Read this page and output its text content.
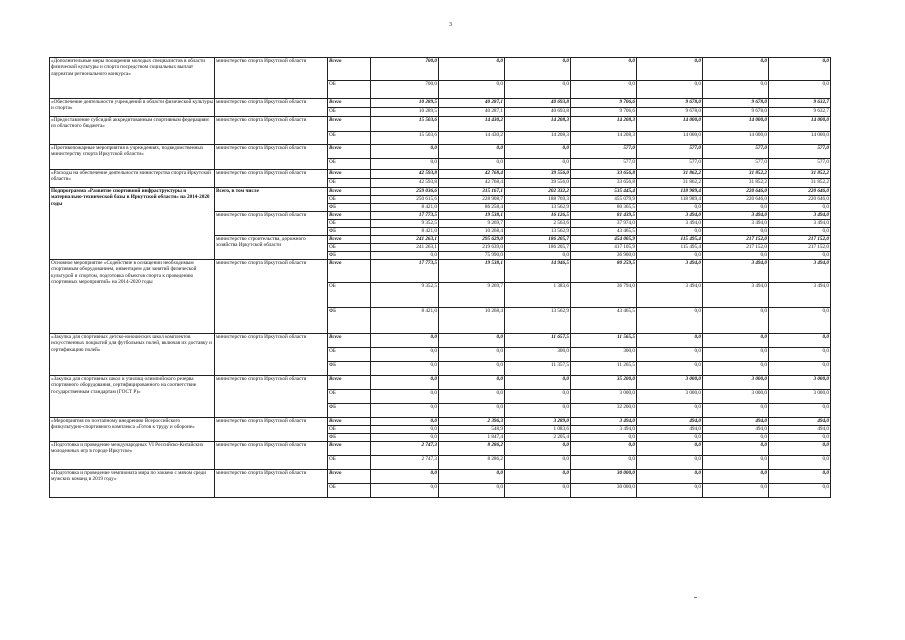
3
«Дополнительные меры поощрения молодых специалистов в области физической культуры и спорта посредством социальных выплат лауреатам регионального конкурса»	министерство спорта Иркутской области	Всего	700,0	0,0	0,0	0,0	0,0	0,0	0,0
		ОБ	700,0	0,0	0,0	0,0	0,0	0,0	0,0
«Обеспечение деятельности учреждений в области физической культуры и спорта»	министерство спорта Иркутской области	Всего	10 289,5	40 287,1	40 693,8	9 706,6	9 678,0	9 678,0	9 632,7
		ОБ	10 289,5	40 287,1	40 693,8	9 706,6	9 678,0	9 678,0	9 632,7
«Предоставление субсидий аккредитованным спортивным федерациям из областного бюджета»	министерство спорта Иркутской области	Всего	15 503,6	14 430,2	14 208,3	14 208,3	14 000,0	14 000,0	14 000,0
		ОБ	15 503,6	14 430,2	14 208,3	14 208,3	14 000,0	14 000,0	14 000,0
«Противопожарные мероприятия в учреждениях, подведомственных министерству спорта Иркутской области»	министерство спорта Иркутской области	Всего	0,0	0,0	0,0	577,0	577,0	577,0	577,0
		ОБ	0,0	0,0	0,0	577,0	577,0	577,0	577,0
«Расходы на обеспечение деятельности министерства спорта Иркутской области»	министерство спорта Иркутской области	Всего	42 593,8	42 768,4	39 556,0	33 656,8	31 862,2	31 852,2	31 852,2
		ОБ	42 593,8	42 768,4	39 556,0	33 656,8	31 862,2	31 852,2	31 852,2
Подпрограмма «Развитие спортивной инфраструктуры и материально-технической базы в Иркутской области» на 2014-2020 годы	Всего, в том числе	Всего	259 036,6	315 167,1	202 332,2	535 445,4	118 989,4	220 646,0	220 646,0
		ОБ	250 615,6	228 908,7	188 769,3	455 079,9	118 989,4	220 646,0	220 646,0
		ФБ	8 421,0	86 258,4	13 562,9	80 365,5	0,0	0,0	0,0
	министерство спорта Иркутской области	Всего	17 773,5	19 538,1	16 126,5	81 439,5	3 494,0	3 494,0	3 494,0
		ОБ	9 352,5	9 269,7	2 563,6	37 974,0	3 494,0	3 494,0	3 494,0
		ФБ	8 421,0	10 268,4	13 562,9	43 465,5	0,0	0,0	0,0
	министерство строительства, дорожного хозяйства Иркутской области	Всего	241 263,1	295 629,0	186 205,7	454 005,9	115 495,4	217 152,0	217 152,0
		ОБ	241 263,1	219 639,0	186 205,7	417 105,9	115 495,4	217 152,0	217 152,0
		ФБ	0,0	75 990,0	0,0	36 900,0	0,0	0,0	0,0
Основное мероприятие «Содействие в оснащении необходимым спортивным оборудованием, инвентарем для занятий физической культурой и спортом, подготовка объектов спорта к проведению спортивных мероприятий» на 2014-2020 годы	министерство спорта Иркутской области	Всего	17 773,5	19 538,1	14 946,5	80 259,5	3 494,0	3 494,0	3 494,0
		ОБ	9 352,5	9 269,7	1 383,6	36 794,0	3 494,0	3 494,0	3 494,0
		ФБ	8 421,0	10 268,4	13 562,9	43 465,5	0,0	0,0	0,0
«Закупка для спортивных детско-юношеских школ комплектов искусственных покрытий для футбольных полей, включая их доставку и сертификацию полей»	министерство спорта Иркутской области	Всего	0,0	0,0	11 657,5	11 565,5	0,0	0,0	0,0
		ОБ	0,0	0,0	300,0	300,0	0,0	0,0	0,0
		ФБ	0,0	0,0	11 357,5	11 265,5	0,0	0,0	0,0
«Закупка для спортивных школ и училищ олимпийского резерва спортивного оборудования, сертифицированного на соответствие государственным стандартам (ГОСТ Р)»	министерство спорта Иркутской области	Всего	0,0	0,0	0,0	35 200,0	3 000,0	3 000,0	3 000,0
		ОБ	0,0	0,0	0,0	3 000,0	3 000,0	3 000,0	3 000,0
		ФБ	0,0	0,0	0,0	32 200,0	0,0	0,0	0,0
«Мероприятия по поэтапному внедрению Всероссийского физкультурно-спортивного комплекса «Готов к труду и обороне»	министерство спорта Иркутской области	Всего	0,0	2 396,3	3 289,0	3 494,0	494,0	494,0	494,0
		ОБ	0,0	548,9	1 083,6	3 494,0	494,0	494,0	494,0
		ФБ	0,0	1 847,4	2 205,4	0,0	0,0	0,0	0,0
«Подготовка и проведение международных VI Российско-Китайских молодежных игр в городе Иркутске»	министерство спорта Иркутской области	Всего	2 747,3	8 286,2	0,0	0,0	0,0	0,0	0,0
		ОБ	2 747,3	8 286,2	0,0	0,0	0,0	0,0	0,0
«Подготовка и проведение чемпионата мира по хоккею с мячом среди мужских команд в 2019 году»	министерство спорта Иркутской области	Всего	0,0	0,0	0,0	30 000,0	0,0	0,0	0,0
		ОБ	0,0	0,0	0,0	30 000,0	0,0	0,0	0,0
